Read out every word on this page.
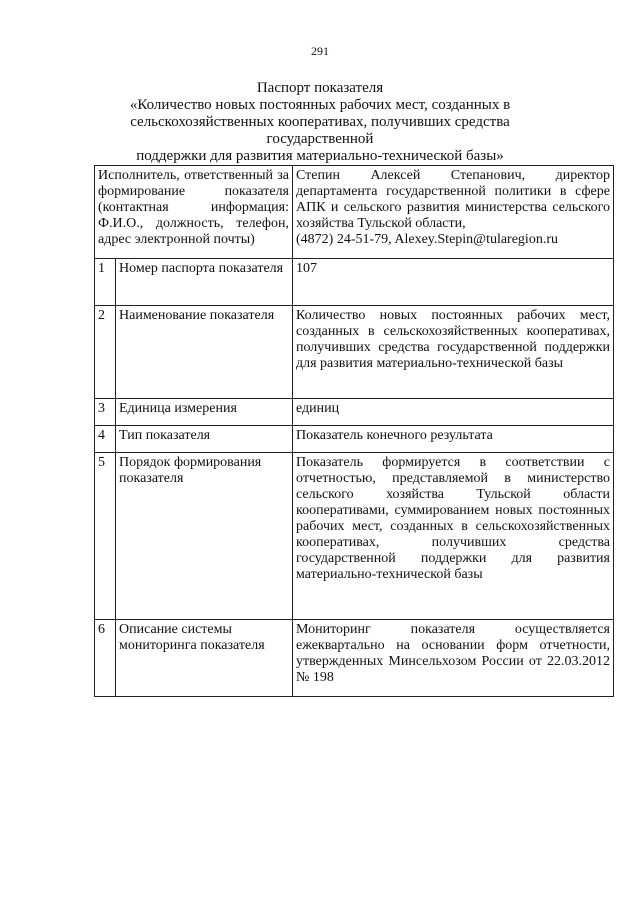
291
Паспорт показателя
«Количество новых постоянных рабочих мест, созданных в
сельскохозяйственных кооперативах, получивших средства государственной
поддержки для развития материально-технической базы»
Исполнитель, ответственный за формирование показателя (контактная информация: Ф.И.О., должность, телефон, адрес электронной почты)		Степин Алексей Степанович, директор департамента государственной политики в сфере АПК и сельского развития министерства сельского хозяйства Тульской области,
(4872) 24-51-79, Alexey.Stepin@tularegion.ru

1	Номер паспорта показателя	107
2	Наименование показателя	Количество новых постоянных рабочих мест, созданных в сельскохозяйственных кооперативах, получивших средства государственной поддержки для развития материально-технической базы
3	Единица измерения	единиц
4	Тип показателя	Показатель конечного результата
5	Порядок формирования показателя	Показатель формируется в соответствии с отчетностью, представляемой в министерство сельского хозяйства Тульской области кооперативами, суммированием новых постоянных рабочих мест, созданных в сельскохозяйственных кооперативах, получивших средства государственной поддержки для развития материально-технической базы
6	Описание системы мониторинга показателя	Мониторинг показателя осуществляется ежеквартально на основании форм отчетности, утвержденных Минсельхозом России от 22.03.2012 № 198
